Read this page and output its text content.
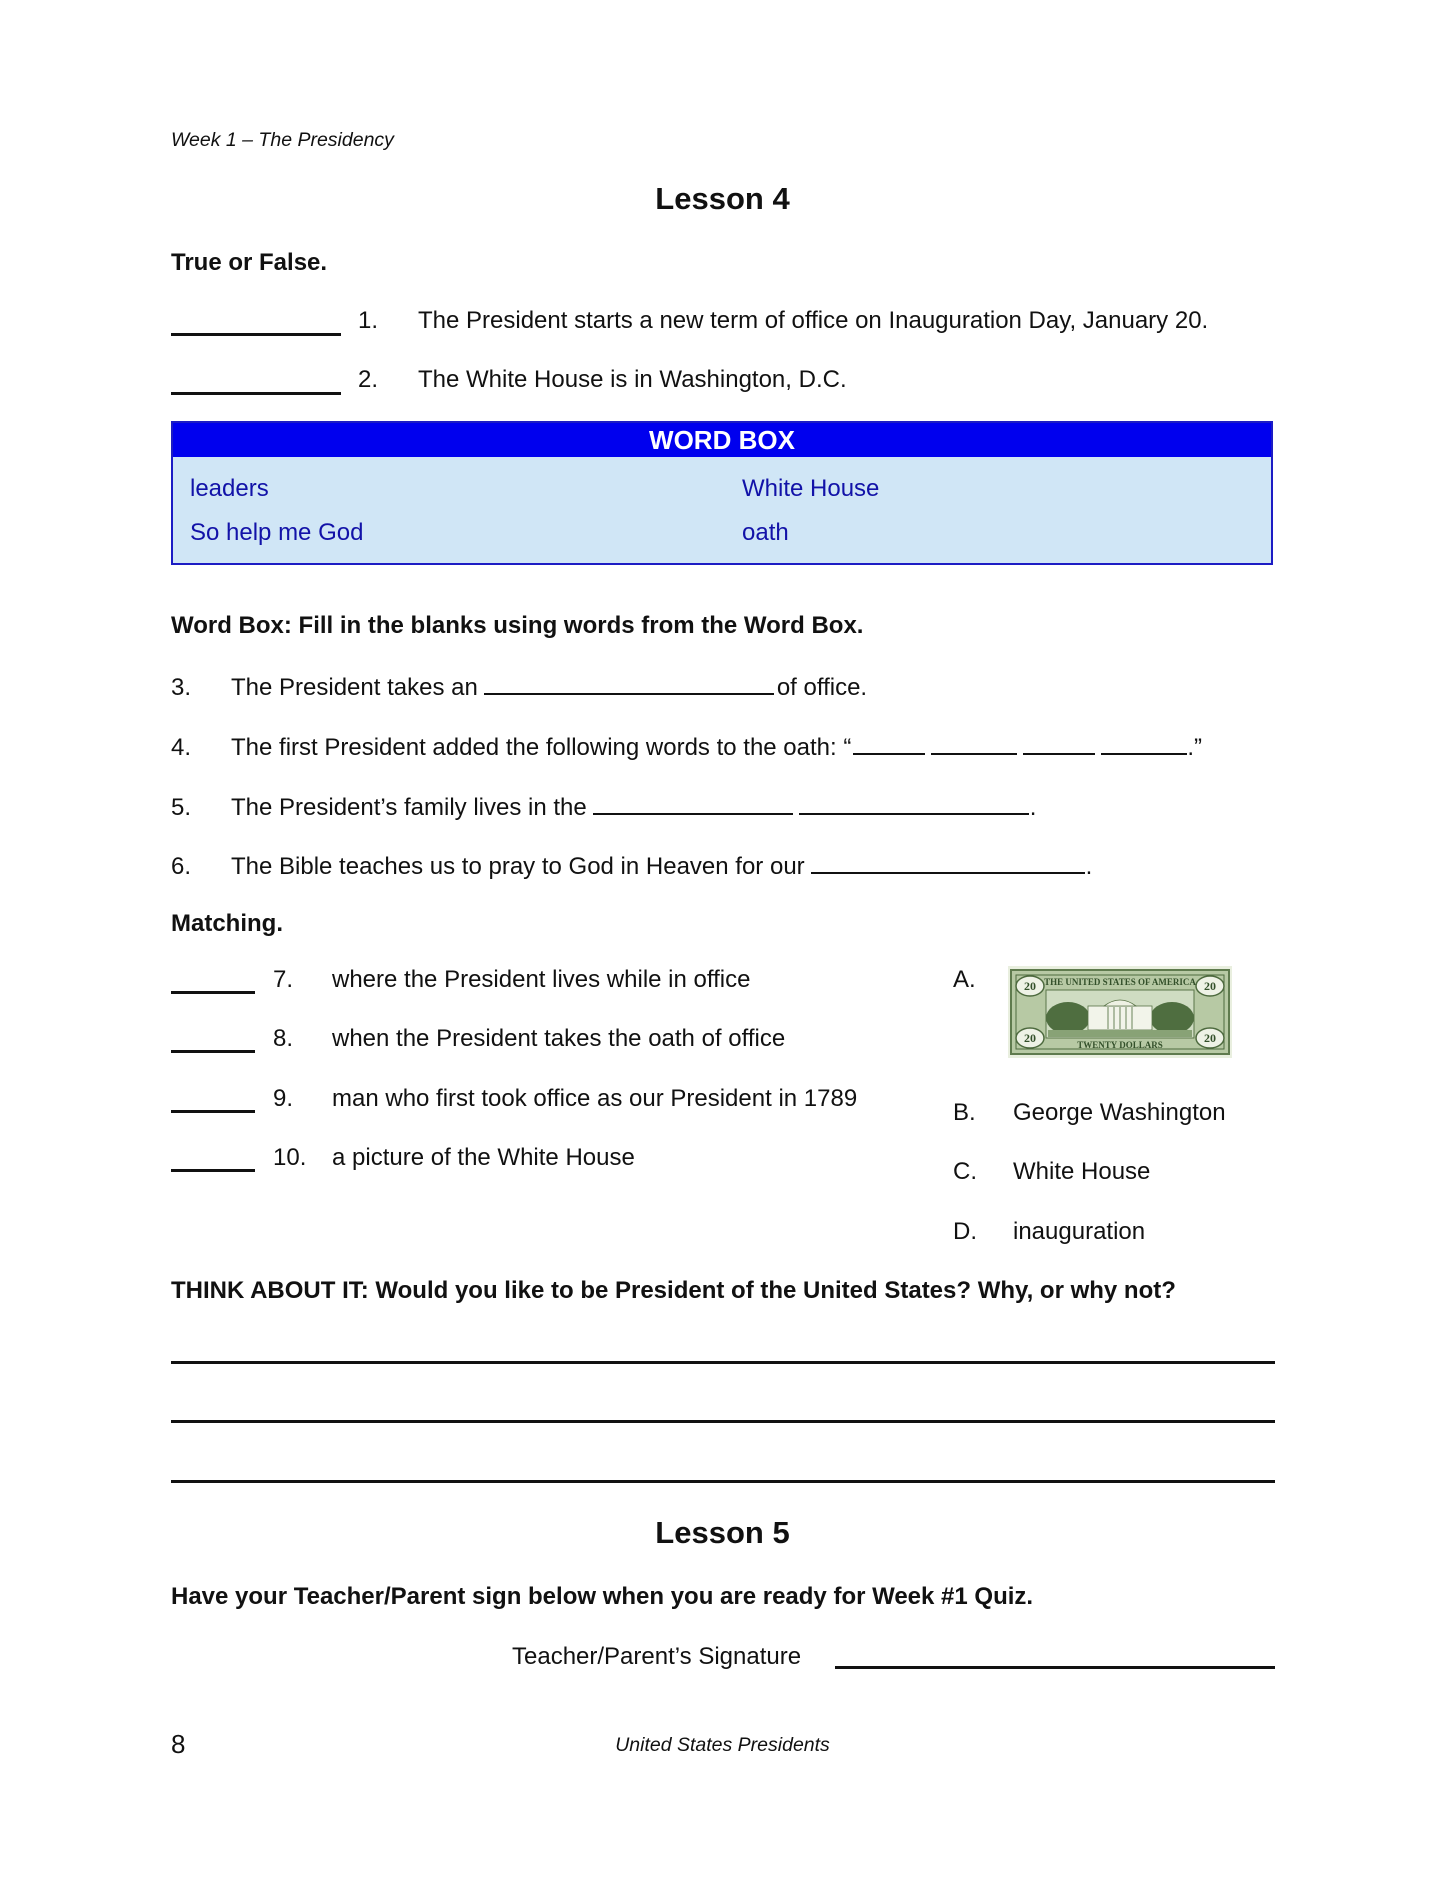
Week 1 – The Presidency
Lesson 4
True or False.
1. The President starts a new term of office on Inauguration Day, January 20.
2. The White House is in Washington, D.C.
WORD BOX
leaders	White House
So help me God	oath
Word Box: Fill in the blanks using words from the Word Box.
3. The President takes an	of office.
4. The first President added the following words to the oath: “	.”
5. The President’s family lives in the	.
6. The Bible teaches us to pray to God in Heaven for our	.
Matching.
7. where the President lives while in office
8. when the President takes the oath of office
9. man who first took office as our President in 1789
10. a picture of the White House
A.	20	20
20	20
THE UNITED STATES OF AMERICA
TWENTY DOLLARS
B. George Washington
C. White House
D. inauguration
THINK ABOUT IT: Would you like to be President of the United States? Why, or why not?
Lesson 5
Have your Teacher/Parent sign below when you are ready for Week #1 Quiz.
Teacher/Parent’s Signature
8	United States Presidents
